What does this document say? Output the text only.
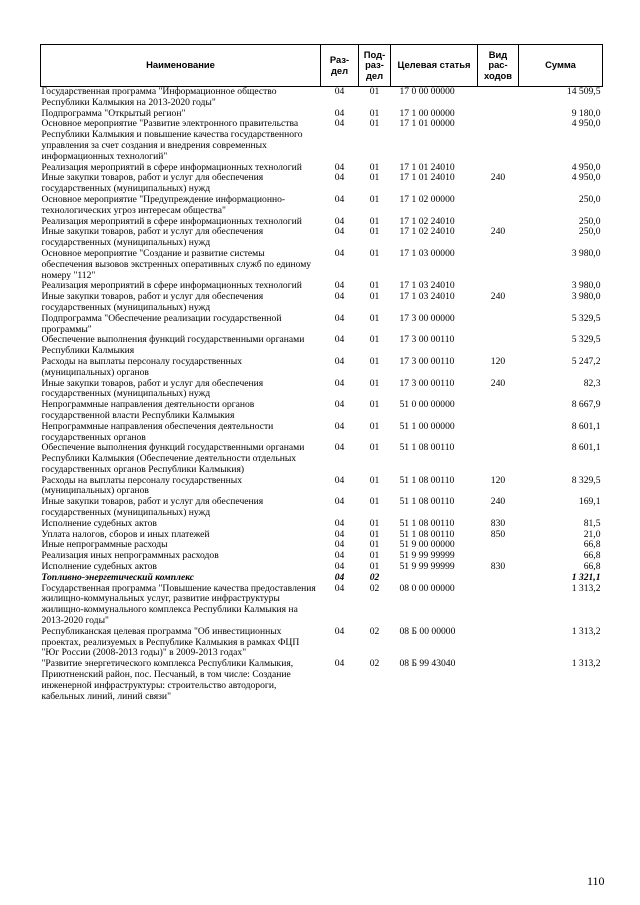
Наименование	Раз-дел	Под-раз-дел	Целевая статья	Вид рас-ходов	Сумма
Государственная программа "Информационное общество Республики Калмыкия на 2013-2020 годы"	04	01	17 0 00 00000		14 509,5
Подпрограмма "Открытый регион"	04	01	17 1 00 00000		9 180,0
Основное мероприятие "Развитие электронного правительства Республики Калмыкия и повышение качества государственного управления за счет создания и внедрения современных информационных технологий"	04	01	17 1 01 00000		4 950,0
Реализация мероприятий в сфере информационных технологий	04	01	17 1 01 24010		4 950,0
Иные закупки товаров, работ и услуг для обеспечения государственных (муниципальных) нужд	04	01	17 1 01 24010	240	4 950,0
Основное мероприятие "Предупреждение информационно-технологических угроз интересам общества"	04	01	17 1 02 00000		250,0
Реализация мероприятий в сфере информационных технологий	04	01	17 1 02 24010		250,0
Иные закупки товаров, работ и услуг для обеспечения государственных (муниципальных) нужд	04	01	17 1 02 24010	240	250,0
Основное мероприятие "Создание и развитие системы обеспечения вызовов экстренных оперативных служб по единому номеру "112"	04	01	17 1 03 00000		3 980,0
Реализация мероприятий в сфере информационных технологий	04	01	17 1 03 24010		3 980,0
Иные закупки товаров, работ и услуг для обеспечения государственных (муниципальных) нужд	04	01	17 1 03 24010	240	3 980,0
Подпрограмма "Обеспечение реализации государственной программы"	04	01	17 3 00 00000		5 329,5
Обеспечение выполнения функций государственными органами Республики Калмыкия	04	01	17 3 00 00110		5 329,5
Расходы на выплаты персоналу государственных (муниципальных) органов	04	01	17 3 00 00110	120	5 247,2
Иные закупки товаров, работ и услуг для обеспечения государственных (муниципальных) нужд	04	01	17 3 00 00110	240	82,3
Непрограммные направления деятельности органов государственной власти Республики Калмыкия	04	01	51 0 00 00000		8 667,9
Непрограммные направления обеспечения деятельности государственных органов	04	01	51 1 00 00000		8 601,1
Обеспечение выполнения функций государственными органами Республики Калмыкия (Обеспечение деятельности отдельных государственных органов Республики Калмыкия)	04	01	51 1 08 00110		8 601,1
Расходы на выплаты персоналу государственных (муниципальных) органов	04	01	51 1 08 00110	120	8 329,5
Иные закупки товаров, работ и услуг для обеспечения государственных (муниципальных) нужд	04	01	51 1 08 00110	240	169,1
Исполнение судебных актов	04	01	51 1 08 00110	830	81,5
Уплата налогов, сборов и иных платежей	04	01	51 1 08 00110	850	21,0
Иные непрограммные расходы	04	01	51 9 00 00000		66,8
Реализация иных непрограммных расходов	04	01	51 9 99 99999		66,8
Исполнение судебных актов	04	01	51 9 99 99999	830	66,8
Топливно-энергетический комплекс	04	02			1 321,1
Государственная программа "Повышение качества предоставления жилищно-коммунальных услуг, развитие инфраструктуры жилищно-коммунального комплекса Республики Калмыкия на 2013-2020 годы"	04	02	08 0 00 00000		1 313,2
Республиканская целевая программа "Об инвестиционных проектах, реализуемых в Республике Калмыкия в рамках ФЦП "Юг России (2008-2013 годы)" в 2009-2013 годах"	04	02	08 Б 00 00000		1 313,2
"Развитие энергетического комплекса Республики Калмыкия, Приютненский район, пос. Песчаный, в том числе: Создание инженерной инфраструктуры: строительство автодороги, кабельных линий, линий связи"	04	02	08 Б 99 43040		1 313,2
110
